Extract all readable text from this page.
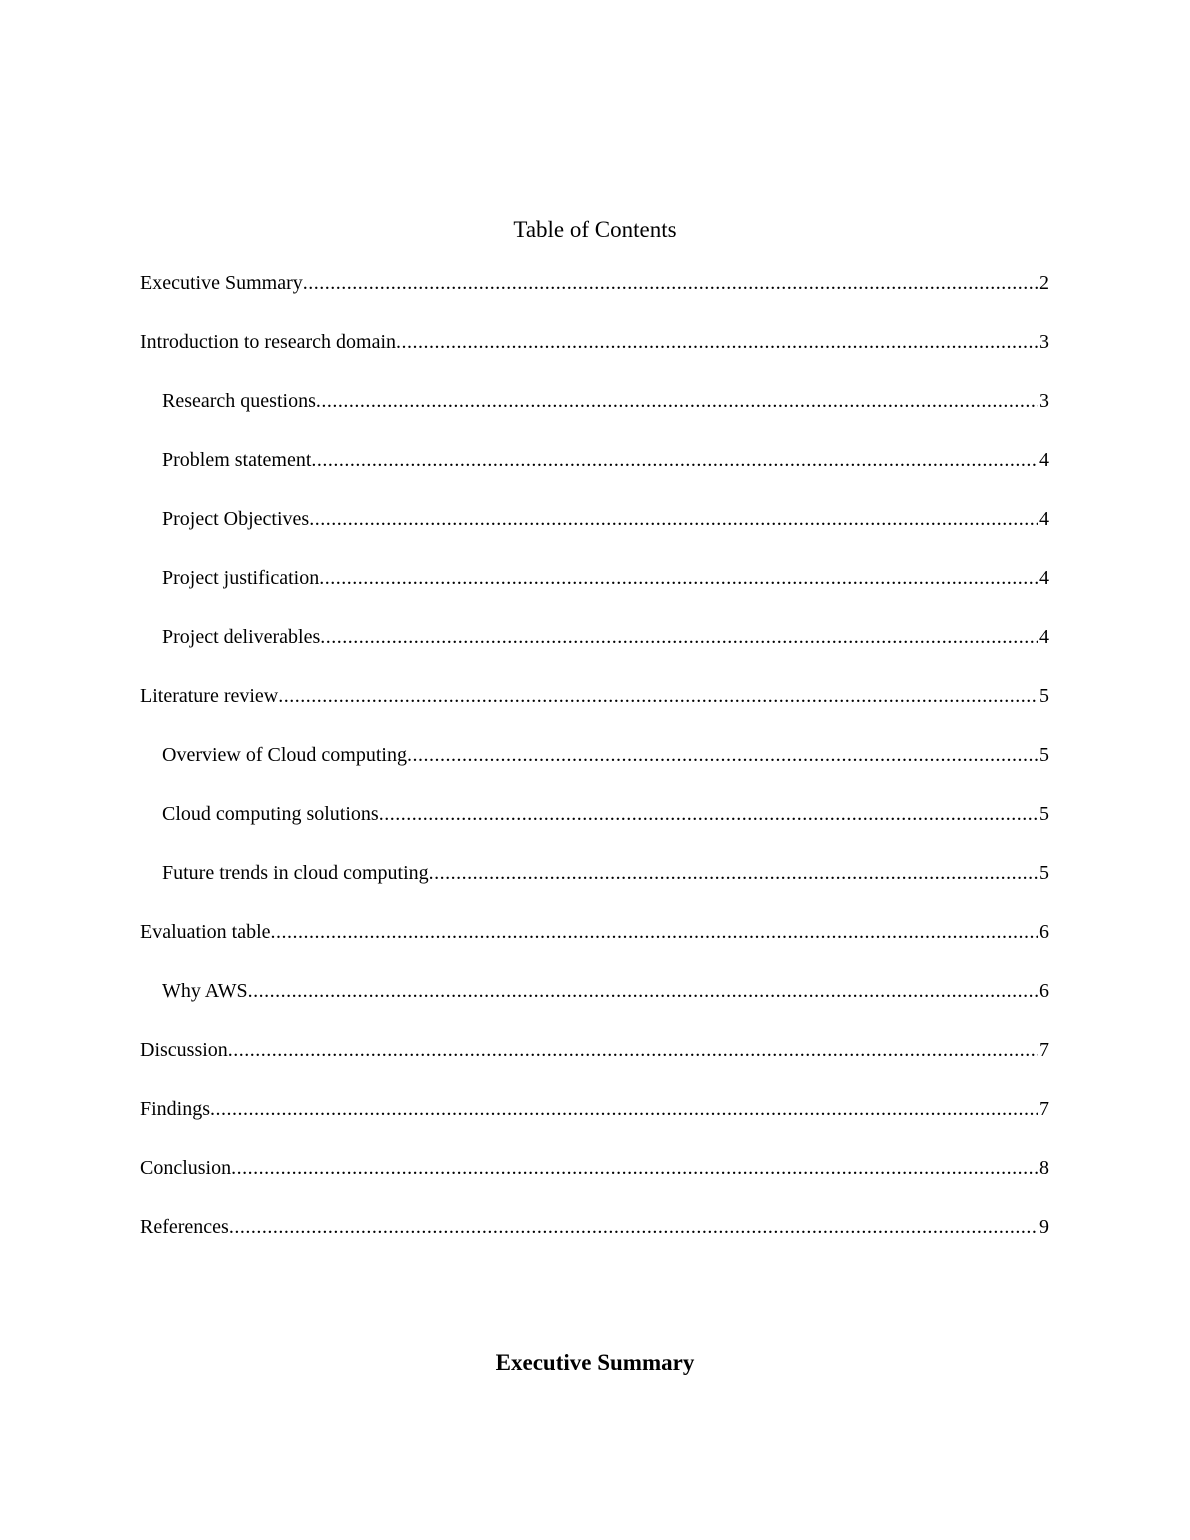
Table of Contents
Executive Summary .....	2
Introduction to research domain .....	3
Research questions .....	3
Problem statement .....	4
Project Objectives .....	4
Project justification .....	4
Project deliverables .....	4
Literature review .....	5
Overview of Cloud computing .....	5
Cloud computing solutions .....	5
Future trends in cloud computing .....	5
Evaluation table .....	6
Why AWS .....	6
Discussion .....	7
Findings .....	7
Conclusion .....	8
References .....	9
Executive Summary
